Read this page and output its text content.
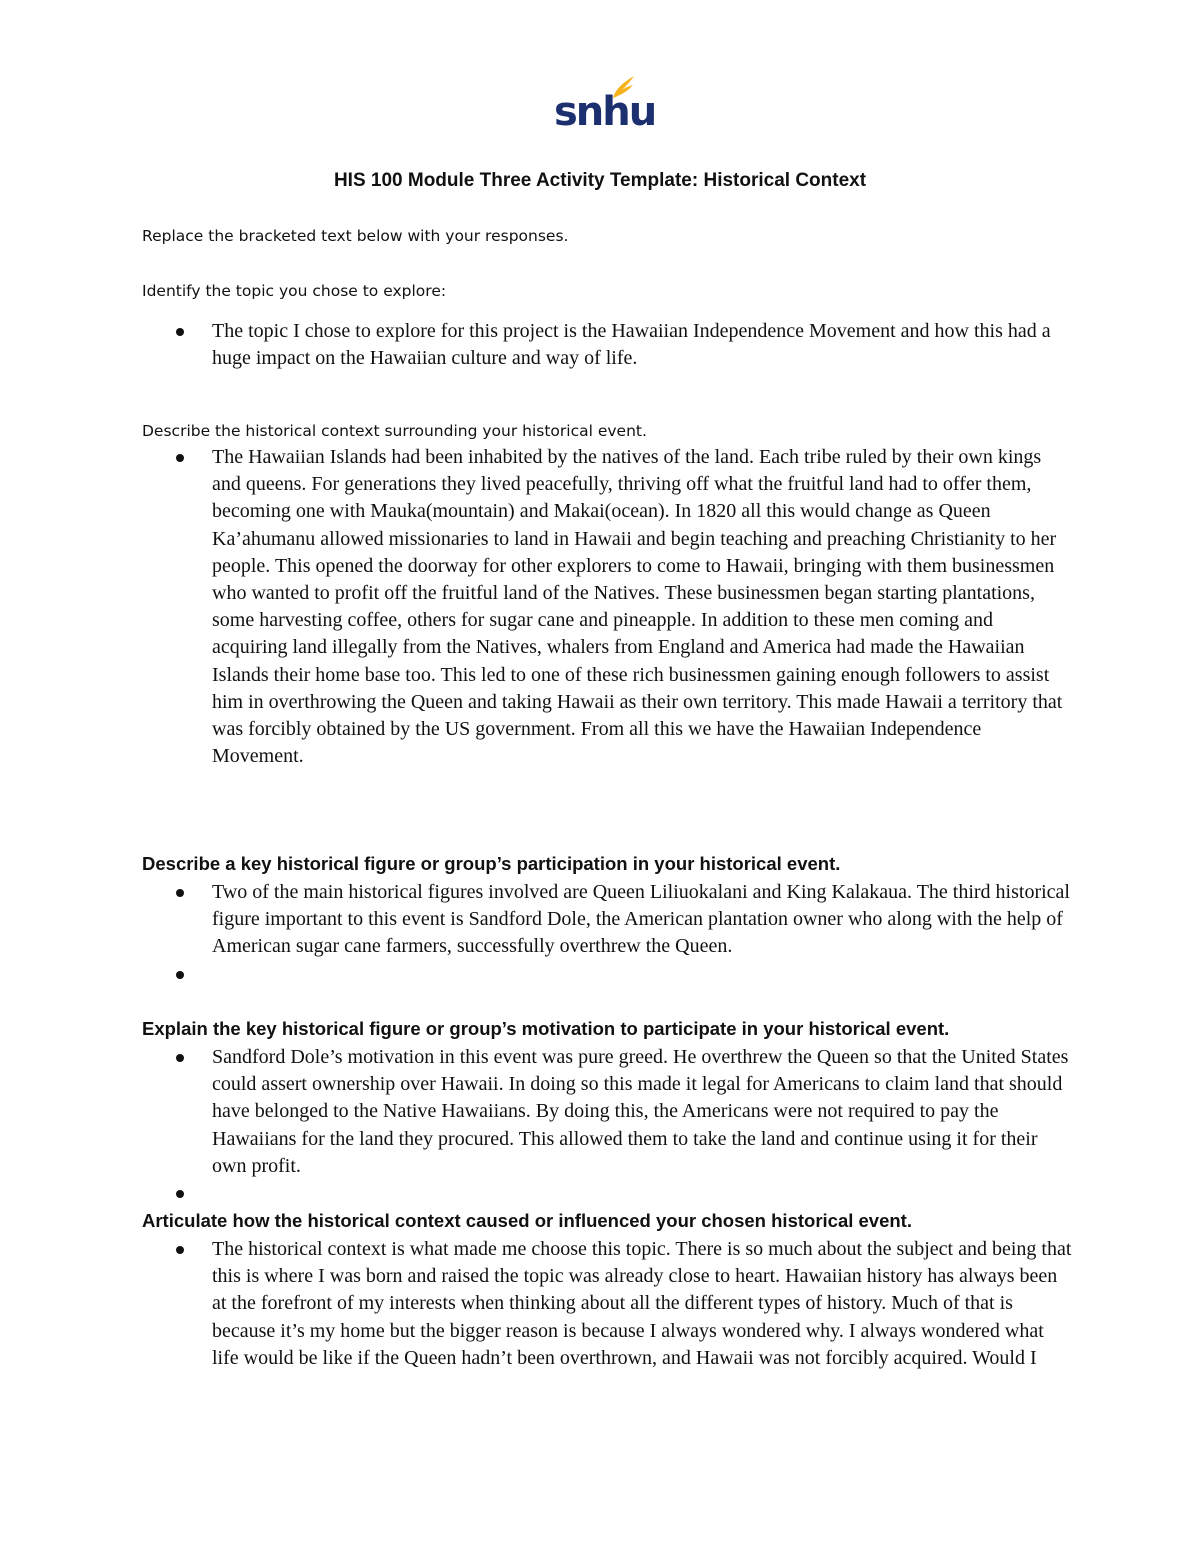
snhu
HIS 100 Module Three Activity Template: Historical Context

Replace the bracketed text below with your responses.

Identify the topic you chose to explore:

The topic I chose to explore for this project is the Hawaiian Independence Movement and how this had a huge impact on the Hawaiian culture and way of life.

Describe the historical context surrounding your historical event.

The Hawaiian Islands had been inhabited by the natives of the land. Each tribe ruled by their own kings and queens. For generations they lived peacefully, thriving off what the fruitful land had to offer them, becoming one with Mauka(mountain) and Makai(ocean). In 1820 all this would change as Queen Ka’ahumanu allowed missionaries to land in Hawaii and begin teaching and preaching Christianity to her people. This opened the doorway for other explorers to come to Hawaii, bringing with them businessmen who wanted to profit off the fruitful land of the Natives. These businessmen began starting plantations, some harvesting coffee, others for sugar cane and pineapple. In addition to these men coming and acquiring land illegally from the Natives, whalers from England and America had made the Hawaiian Islands their home base too. This led to one of these rich businessmen gaining enough followers to assist him in overthrowing the Queen and taking Hawaii as their own territory. This made Hawaii a territory that was forcibly obtained by the US government. From all this we have the Hawaiian Independence Movement.

Describe a key historical figure or group’s participation in your historical event.

Two of the main historical figures involved are Queen Liliuokalani and King Kalakaua. The third historical figure important to this event is Sandford Dole, the American plantation owner who along with the help of American sugar cane farmers, successfully overthrew the Queen.

Explain the key historical figure or group’s motivation to participate in your historical event.

Sandford Dole’s motivation in this event was pure greed. He overthrew the Queen so that the United States could assert ownership over Hawaii. In doing so this made it legal for Americans to claim land that should have belonged to the Native Hawaiians. By doing this, the Americans were not required to pay the Hawaiians for the land they procured. This allowed them to take the land and continue using it for their own profit.

Articulate how the historical context caused or influenced your chosen historical event.

The historical context is what made me choose this topic. There is so much about the subject and being that this is where I was born and raised the topic was already close to heart. Hawaiian history has always been at the forefront of my interests when thinking about all the different types of history. Much of that is because it’s my home but the bigger reason is because I always wondered why. I always wondered what life would be like if the Queen hadn’t been overthrown, and Hawaii was not forcibly acquired. Would I
